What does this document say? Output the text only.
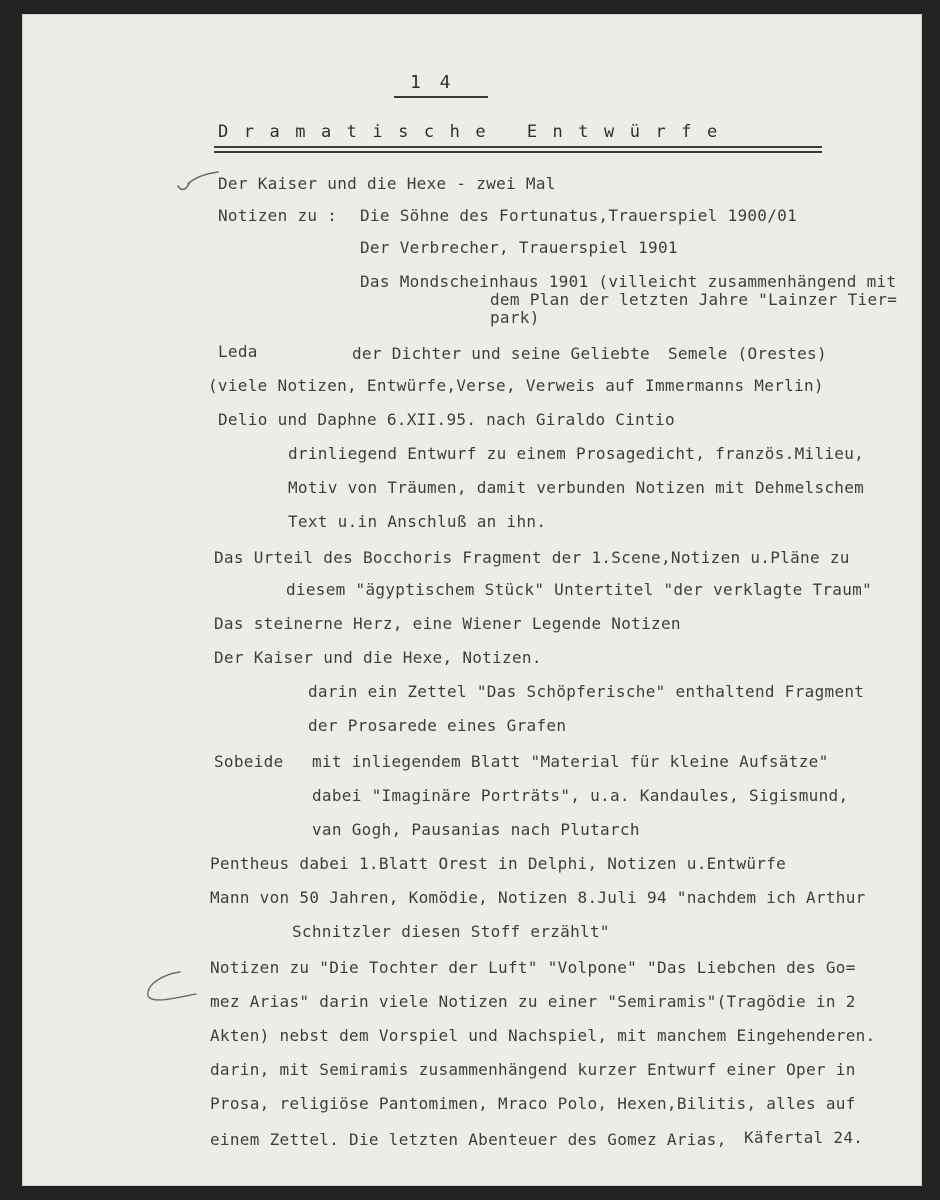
1 4
Dramatische Entwürfe
Der Kaiser und die Hexe - zwei Mal
Notizen zu : Die Söhne des Fortunatus,Trauerspiel 1900/01
Der Verbrecher, Trauerspiel 1901
Das Mondscheinhaus 1901 (villeicht zusammenhängend mit
dem Plan der letzten Jahre "Lainzer Tier=
park)
Leda	der Dichter und seine Geliebte Semele (Orestes)
(viele Notizen, Entwürfe,Verse, Verweis auf Immermanns Merlin)
Delio und Daphne 6.XII.95. nach Giraldo Cintio
drinliegend Entwurf zu einem Prosagedicht, französ.Milieu,
Motiv von Träumen, damit verbunden Notizen mit Dehmelschem
Text u.in Anschluß an ihn.
Das Urteil des Bocchoris Fragment der 1.Scene,Notizen u.Pläne zu
diesem "ägyptischem Stück" Untertitel "der verklagte Traum"
Das steinerne Herz, eine Wiener Legende Notizen
Der Kaiser und die Hexe, Notizen.
darin ein Zettel "Das Schöpferische" enthaltend Fragment
der Prosarede eines Grafen
Sobeide mit inliegendem Blatt "Material für kleine Aufsätze"
dabei "Imaginäre Porträts", u.a. Kandaules, Sigismund,
van Gogh, Pausanias nach Plutarch
Pentheus dabei 1.Blatt Orest in Delphi, Notizen u.Entwürfe
Mann von 50 Jahren, Komödie, Notizen 8.Juli 94 "nachdem ich Arthur
Schnitzler diesen Stoff erzählt"
Notizen zu "Die Tochter der Luft" "Volpone" "Das Liebchen des Go=
mez Arias" darin viele Notizen zu einer "Semiramis"(Tragödie in 2
Akten) nebst dem Vorspiel und Nachspiel, mit manchem Eingehenderen.
darin, mit Semiramis zusammenhängend kurzer Entwurf einer Oper in
Prosa, religiöse Pantomimen, Mraco Polo, Hexen,Bilitis, alles auf
einem Zettel. Die letzten Abenteuer des Gomez Arias, Käfertal 24.
